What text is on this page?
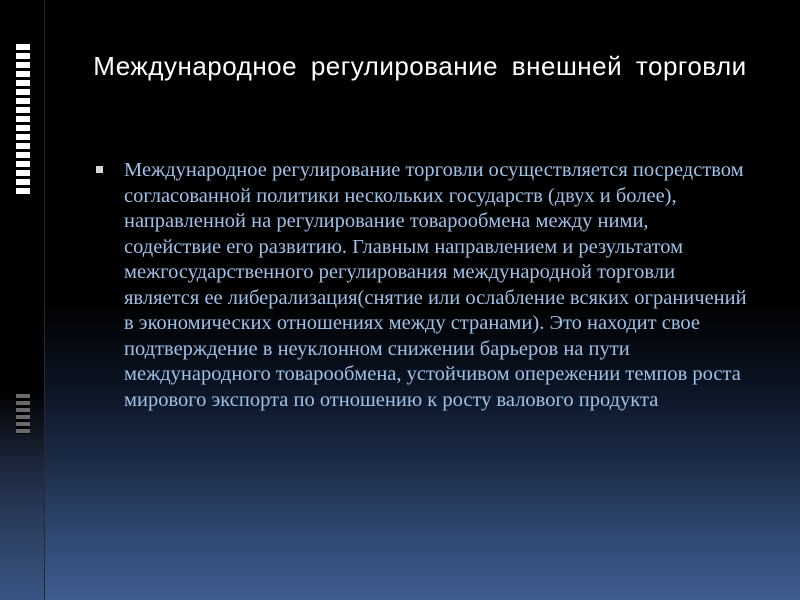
Международное регулирование внешней торговли

Международное регулирование торговли осуществляется посредством согласованной политики нескольких государств (двух и более), направленной на регулирование товарообмена между ними, содействие его развитию. Главным направлением и результатом межгосударственного регулирования международной торговли является ее либерализация(снятие или ослабление всяких ограничений в экономических отношениях между странами). Это находит свое подтверждение в неуклонном снижении барьеров на пути международного товарообмена, устойчивом опережении темпов роста мирового экспорта по отношению к росту валового продукта
